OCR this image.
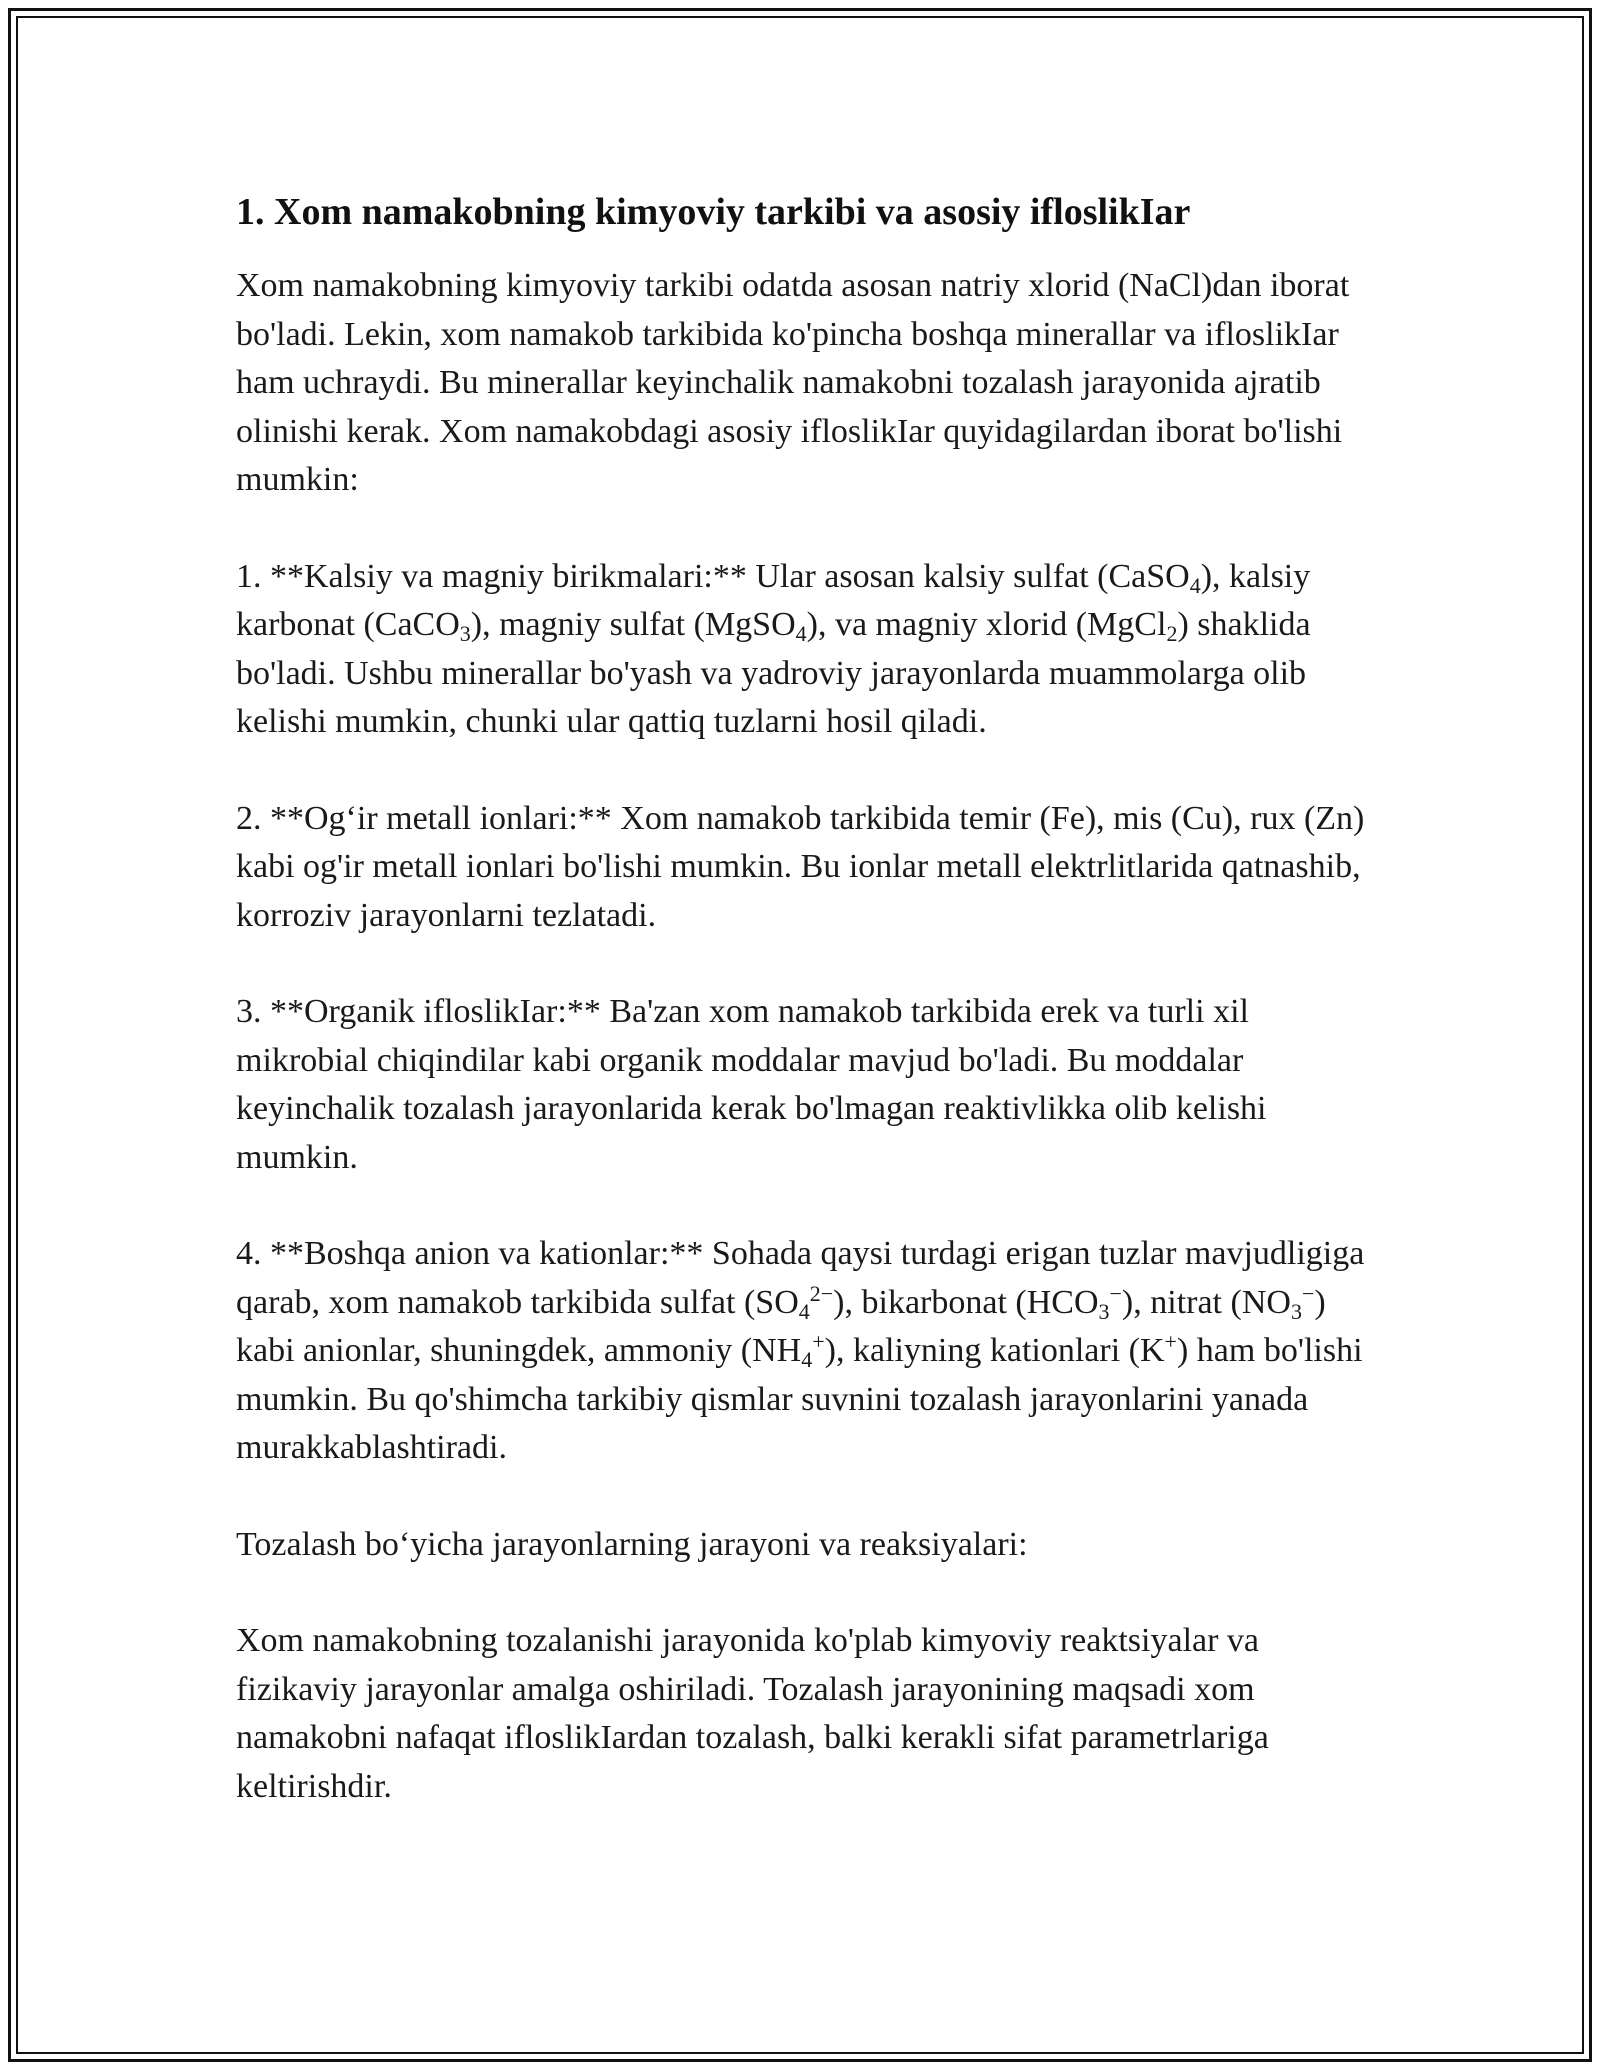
1. Xom namakobning kimyoviy tarkibi va asosiy ifloslikIar

Xom namakobning kimyoviy tarkibi odatda asosan natriy xlorid (NaCl)dan iborat bo'ladi. Lekin, xom namakob tarkibida ko'pincha boshqa minerallar va ifloslikIar ham uchraydi. Bu minerallar keyinchalik namakobni tozalash jarayonida ajratib olinishi kerak. Xom namakobdagi asosiy ifloslikIar quyidagilardan iborat bo'lishi mumkin:

1. **Kalsiy va magniy birikmalari:** Ular asosan kalsiy sulfat (CaSO$_4$), kalsiy karbonat (CaCO$_3$), magniy sulfat (MgSO$_4$), va magniy xlorid (MgCl$_2$) shaklida bo'ladi. Ushbu minerallar bo'yash va yadroviy jarayonlarda muammolarga olib kelishi mumkin, chunki ular qattiq tuzlarni hosil qiladi.

2. **Og‘ir metall ionlari:** Xom namakob tarkibida temir (Fe), mis (Cu), rux (Zn) kabi og'ir metall ionlari bo'lishi mumkin. Bu ionlar metall elektrlitlarida qatnashib, korroziv jarayonlarni tezlatadi.

3. **Organik ifloslikIar:** Ba'zan xom namakob tarkibida erek va turli xil mikrobial chiqindilar kabi organik moddalar mavjud bo'ladi. Bu moddalar keyinchalik tozalash jarayonlarida kerak bo'lmagan reaktivlikka olib kelishi mumkin.

4. **Boshqa anion va kationlar:** Sohada qaysi turdagi erigan tuzlar mavjudligiga qarab, xom namakob tarkibida sulfat $(SO_4^{2-})$, bikarbonat $(HCO_3^-)$, nitrat $(NO_3^-)$ kabi anionlar, shuningdek, ammoniy $(NH_4^+)$, kaliyning kationlari (K+) ham bo'lishi mumkin. Bu qo'shimcha tarkibiy qismlar suvnini tozalash jarayonlarini yanada murakkablashtiradi.

Tozalash bo‘yicha jarayonlarning jarayoni va reaksiyalari:

Xom namakobning tozalanishi jarayonida ko'plab kimyoviy reaktsiyalar va fizikaviy jarayonlar amalga oshiriladi. Tozalash jarayonining maqsadi xom namakobni nafaqat ifloslikIardan tozalash, balki kerakli sifat parametrlariga keltirishdir.
